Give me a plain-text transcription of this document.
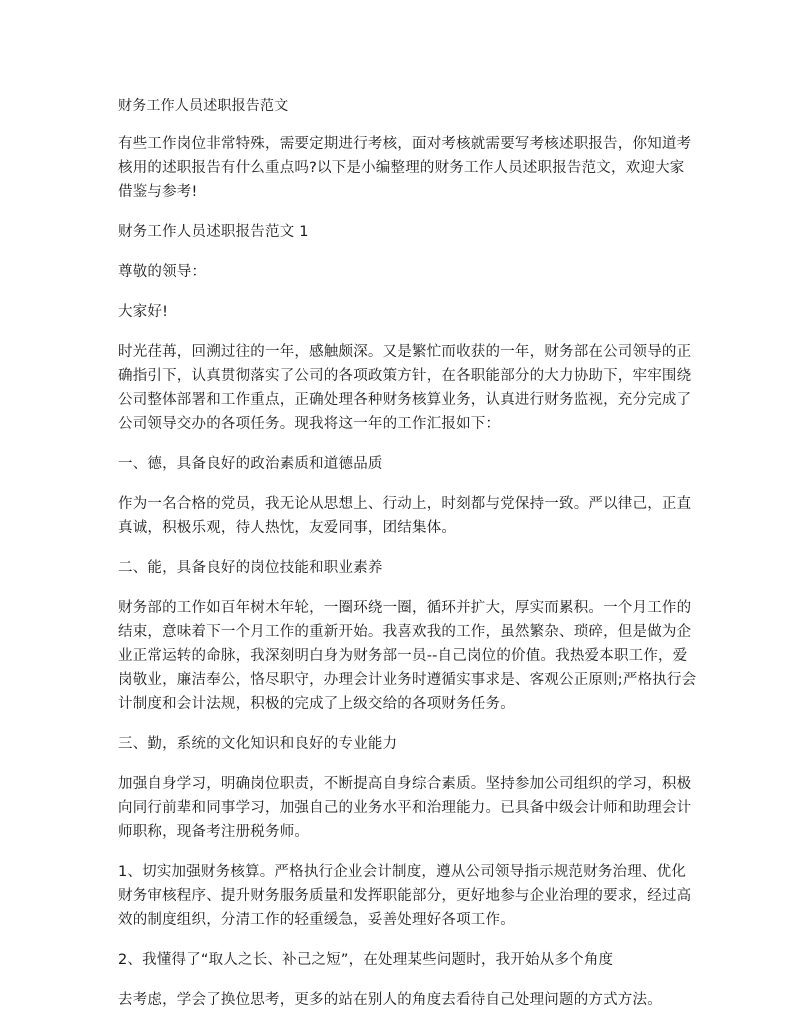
财务工作人员述职报告范文

有些工作岗位非常特殊，需要定期进行考核，面对考核就需要写考核述职报告，你知道考
核用的述职报告有什么重点吗?以下是小编整理的财务工作人员述职报告范文，欢迎大家
借鉴与参考!

财务工作人员述职报告范文 1

尊敬的领导：

大家好!

时光荏苒，回溯过往的一年，感触颇深。又是繁忙而收获的一年，财务部在公司领导的正
确指引下，认真贯彻落实了公司的各项政策方针，在各职能部分的大力协助下，牢牢围绕
公司整体部署和工作重点，正确处理各种财务核算业务，认真进行财务监视，充分完成了
公司领导交办的各项任务。现我将这一年的工作汇报如下：

一、德，具备良好的政治素质和道德品质

作为一名合格的党员，我无论从思想上、行动上，时刻都与党保持一致。严以律己，正直
真诚，积极乐观，待人热忱，友爱同事，团结集体。

二、能，具备良好的岗位技能和职业素养

财务部的工作如百年树木年轮，一圈环绕一圈，循环并扩大，厚实而累积。一个月工作的
结束，意味着下一个月工作的重新开始。我喜欢我的工作，虽然繁杂、琐碎，但是做为企
业正常运转的命脉，我深刻明白身为财务部一员--自己岗位的价值。我热爱本职工作，爱
岗敬业，廉洁奉公，恪尽职守，办理会计业务时遵循实事求是、客观公正原则;严格执行会
计制度和会计法规，积极的完成了上级交给的各项财务任务。

三、勤，系统的文化知识和良好的专业能力

加强自身学习，明确岗位职责，不断提高自身综合素质。坚持参加公司组织的学习，积极
向同行前辈和同事学习，加强自己的业务水平和治理能力。已具备中级会计师和助理会计
师职称，现备考注册税务师。

1、切实加强财务核算。严格执行企业会计制度，遵从公司领导指示规范财务治理、优化
财务审核程序、提升财务服务质量和发挥职能部分，更好地参与企业治理的要求，经过高
效的制度组织，分清工作的轻重缓急，妥善处理好各项工作。

2、我懂得了“取人之长、补己之短”，在处理某些问题时，我开始从多个角度

去考虑，学会了换位思考，更多的站在别人的角度去看待自己处理问题的方式方法。
